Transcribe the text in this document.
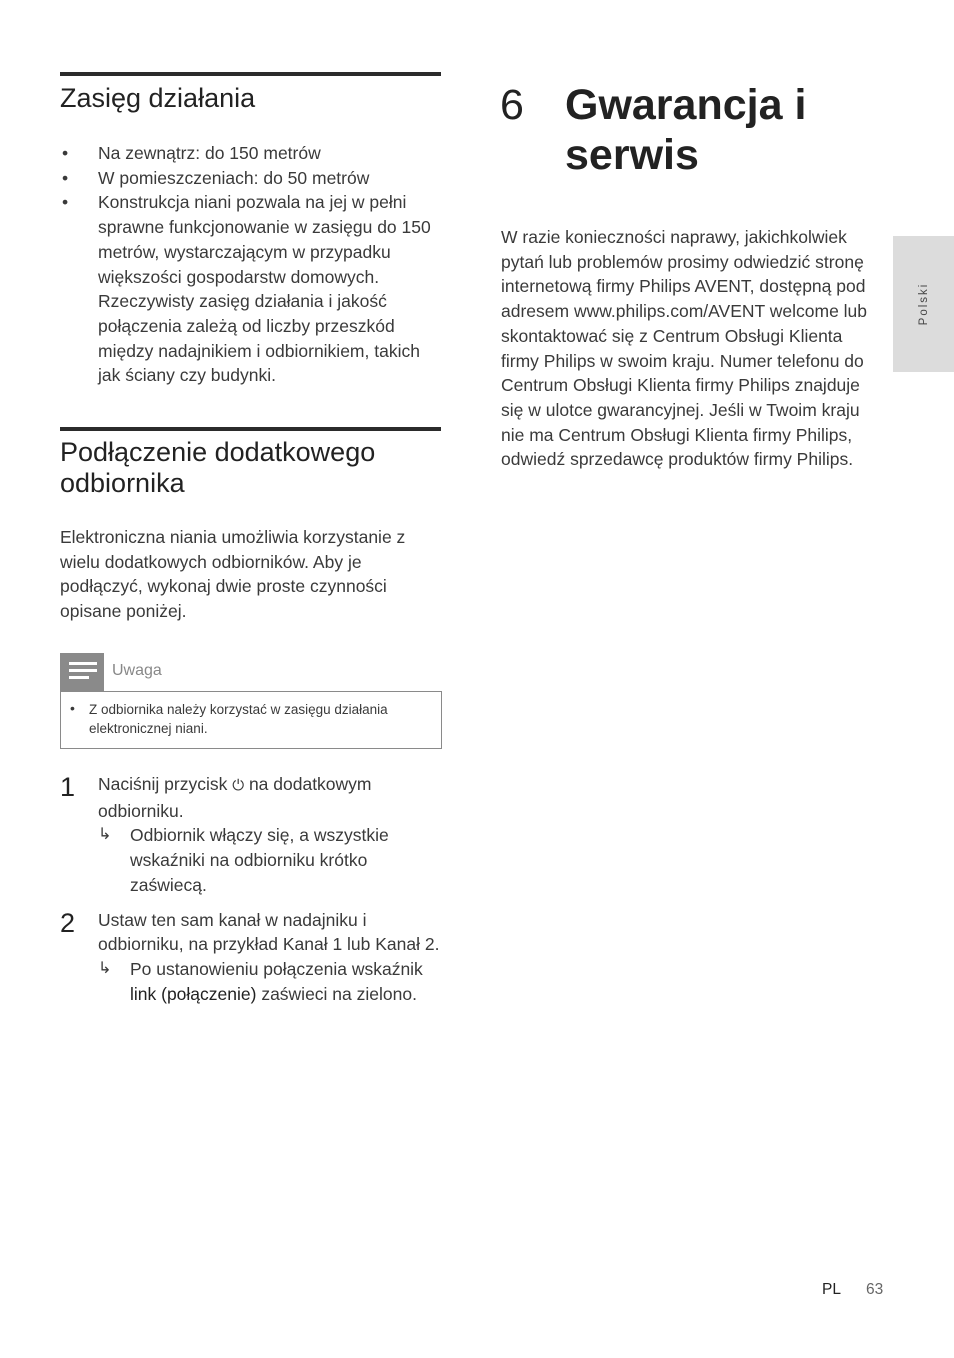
Zasięg działania
• Na zewnątrz: do 150 metrów
• W pomieszczeniach: do 50 metrów
• Konstrukcja niani pozwala na jej w pełni sprawne funkcjonowanie w zasięgu do 150 metrów, wystarczającym w przypadku większości gospodarstw domowych. Rzeczywisty zasięg działania i jakość połączenia zależą od liczby przeszkód między nadajnikiem i odbiornikiem, takich jak ściany czy budynki.
Podłączenie dodatkowego odbiornika

Elektroniczna niania umożliwia korzystanie z wielu dodatkowych odbiorników. Aby je podłączyć, wykonaj dwie proste czynności opisane poniżej.

Uwaga
• Z odbiornika należy korzystać w zasięgu działania elektronicznej niani.

1 Naciśnij przycisk ⏻ na dodatkowym odbiorniku.

↳ Odbiornik włączy się, a wszystkie wskaźniki na odbiorniku krótko zaświecą.

2 Ustaw ten sam kanał w nadajniku i odbiorniku, na przykład Kanał 1 lub Kanał 2.

↳ Po ustanowieniu połączenia wskaźnik link (połączenie) zaświeci na zielono.

6 Gwarancja i serwis

W razie konieczności naprawy, jakichkolwiek pytań lub problemów prosimy odwiedzić stronę internetową firmy Philips AVENT, dostępną pod adresem www.philips.com/AVENT welcome lub skontaktować się z Centrum Obsługi Klienta firmy Philips w swoim kraju. Numer telefonu do Centrum Obsługi Klienta firmy Philips znajduje się w ulotce gwarancyjnej. Jeśli w Twoim kraju nie ma Centrum Obsługi Klienta firmy Philips, odwiedź sprzedawcę produktów firmy Philips.

Polski
PL 63
